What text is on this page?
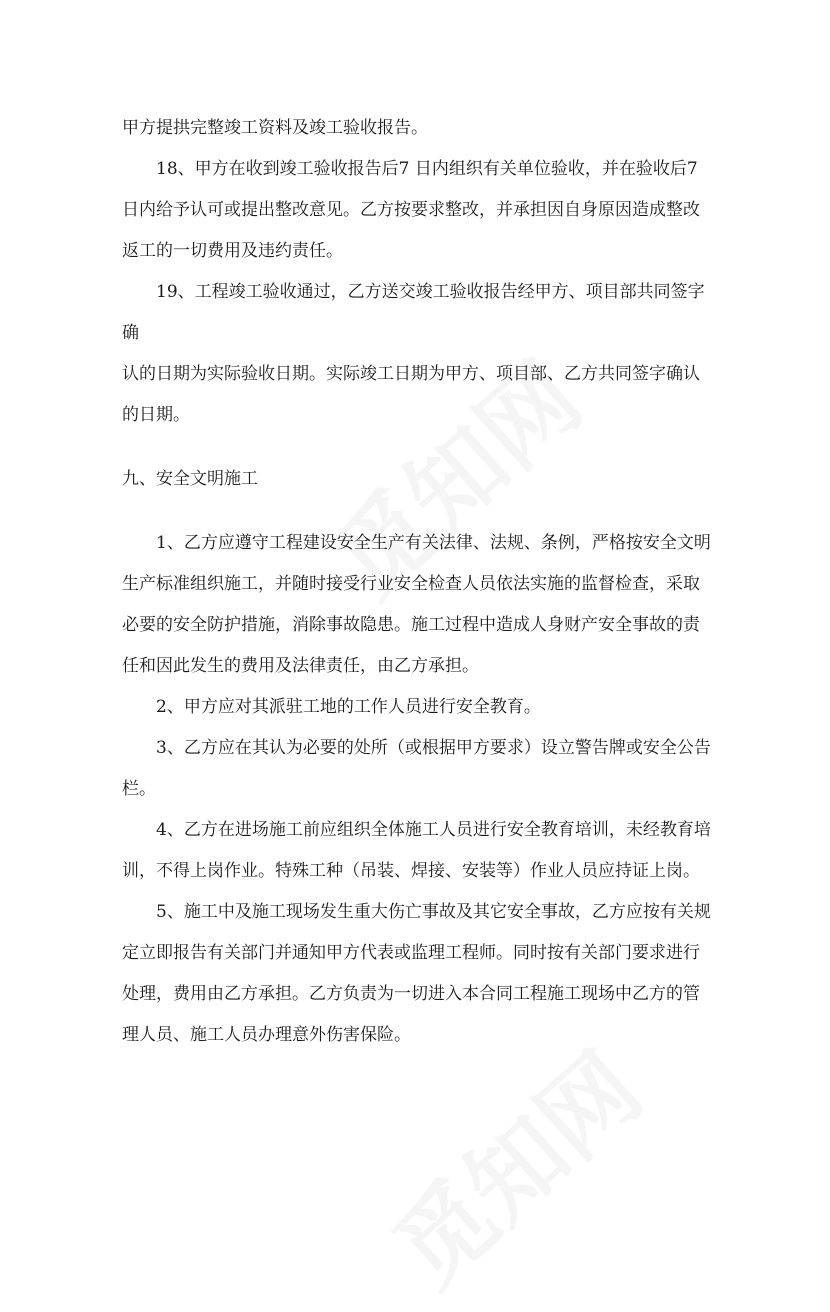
甲方提拱完整竣工资料及竣工验收报告。

18、甲方在收到竣工验收报告后7 日内组织有关单位验收，并在验收后7
日内给予认可或提出整改意见。乙方按要求整改，并承担因自身原因造成整改
返工的一切费用及违约责任。

19、工程竣工验收通过，乙方送交竣工验收报告经甲方、项目部共同签字确
认的日期为实际验收日期。实际竣工日期为甲方、项目部、乙方共同签字确认
的日期。

九、安全文明施工

1、乙方应遵守工程建设安全生产有关法律、法规、条例，严格按安全文明
生产标准组织施工，并随时接受行业安全检查人员依法实施的监督检查，采取
必要的安全防护措施，消除事故隐患。施工过程中造成人身财产安全事故的责
任和因此发生的费用及法律责任，由乙方承担。

2、甲方应对其派驻工地的工作人员进行安全教育。

3、乙方应在其认为必要的处所（或根据甲方要求）设立警告牌或安全公告
栏。

4、乙方在进场施工前应组织全体施工人员进行安全教育培训，未经教育培
训，不得上岗作业。特殊工种（吊装、焊接、安装等）作业人员应持证上岗。

5、施工中及施工现场发生重大伤亡事故及其它安全事故，乙方应按有关规
定立即报告有关部门并通知甲方代表或监理工程师。同时按有关部门要求进行
处理，费用由乙方承担。乙方负责为一切进入本合同工程施工现场中乙方的管
理人员、施工人员办理意外伤害保险。
